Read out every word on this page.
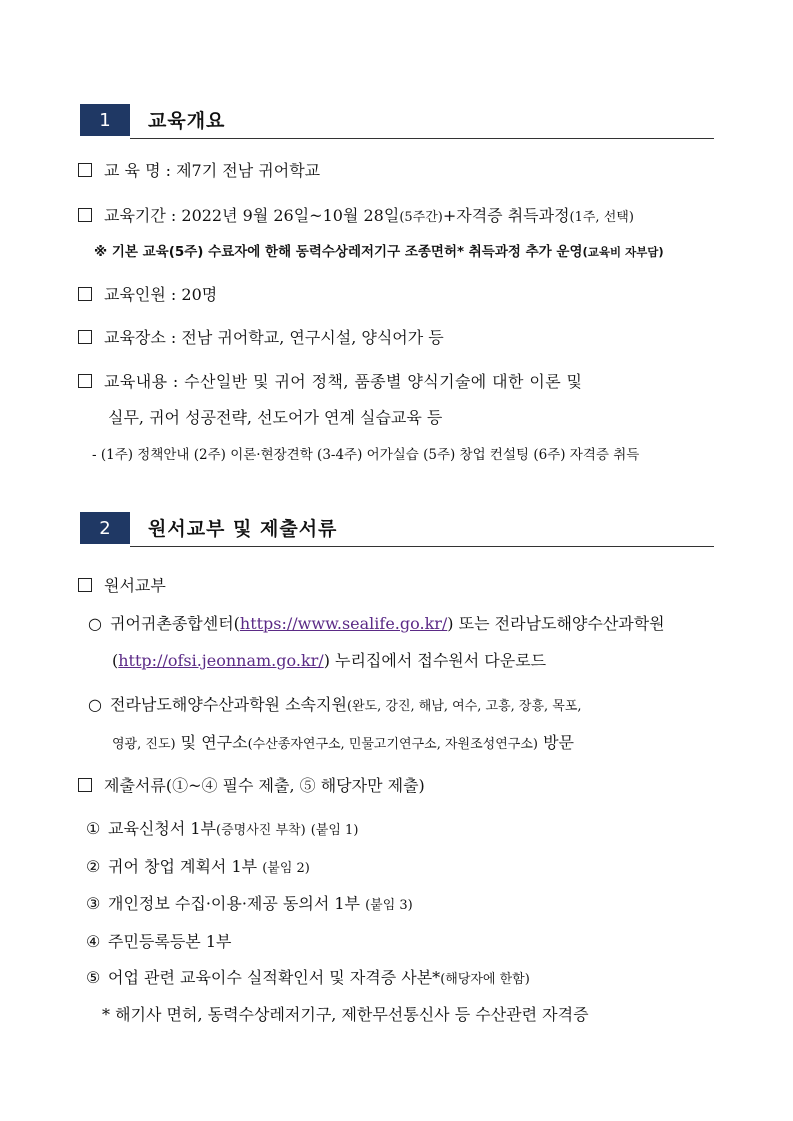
1	교육개요
교 육 명 : 제7기 전남 귀어학교
교육기간 : 2022년 9월 26일~10월 28일(5주간)+자격증 취득과정(1주, 선택)
※ 기본 교육(5주) 수료자에 한해 동력수상레저기구 조종면허* 취득과정 추가 운영(교육비 자부담)
교육인원 : 20명
교육장소 : 전남 귀어학교, 연구시설, 양식어가 등
교육내용 : 수산일반 및 귀어 정책, 품종별 양식기술에 대한 이론 및
실무, 귀어 성공전략, 선도어가 연계 실습교육 등
- (1주) 정책안내 (2주) 이론·현장견학 (3-4주) 어가실습 (5주) 창업 컨설팅 (6주) 자격증 취득
2	원서교부 및 제출서류
원서교부
○ 귀어귀촌종합센터(https://www.sealife.go.kr/) 또는 전라남도해양수산과학원
(http://ofsi.jeonnam.go.kr/) 누리집에서 접수원서 다운로드
○ 전라남도해양수산과학원 소속지원(완도, 강진, 해남, 여수, 고흥, 장흥, 목포,
영광, 진도) 및 연구소(수산종자연구소, 민물고기연구소, 자원조성연구소) 방문
제출서류(①~④ 필수 제출, ⑤ 해당자만 제출)
① 교육신청서 1부(증명사진 부착) (붙임 1)
② 귀어 창업 계획서 1부 (붙임 2)
③ 개인정보 수집·이용·제공 동의서 1부 (붙임 3)
④ 주민등록등본 1부
⑤ 어업 관련 교육이수 실적확인서 및 자격증 사본*(해당자에 한함)
* 해기사 면허, 동력수상레저기구, 제한무선통신사 등 수산관련 자격증
